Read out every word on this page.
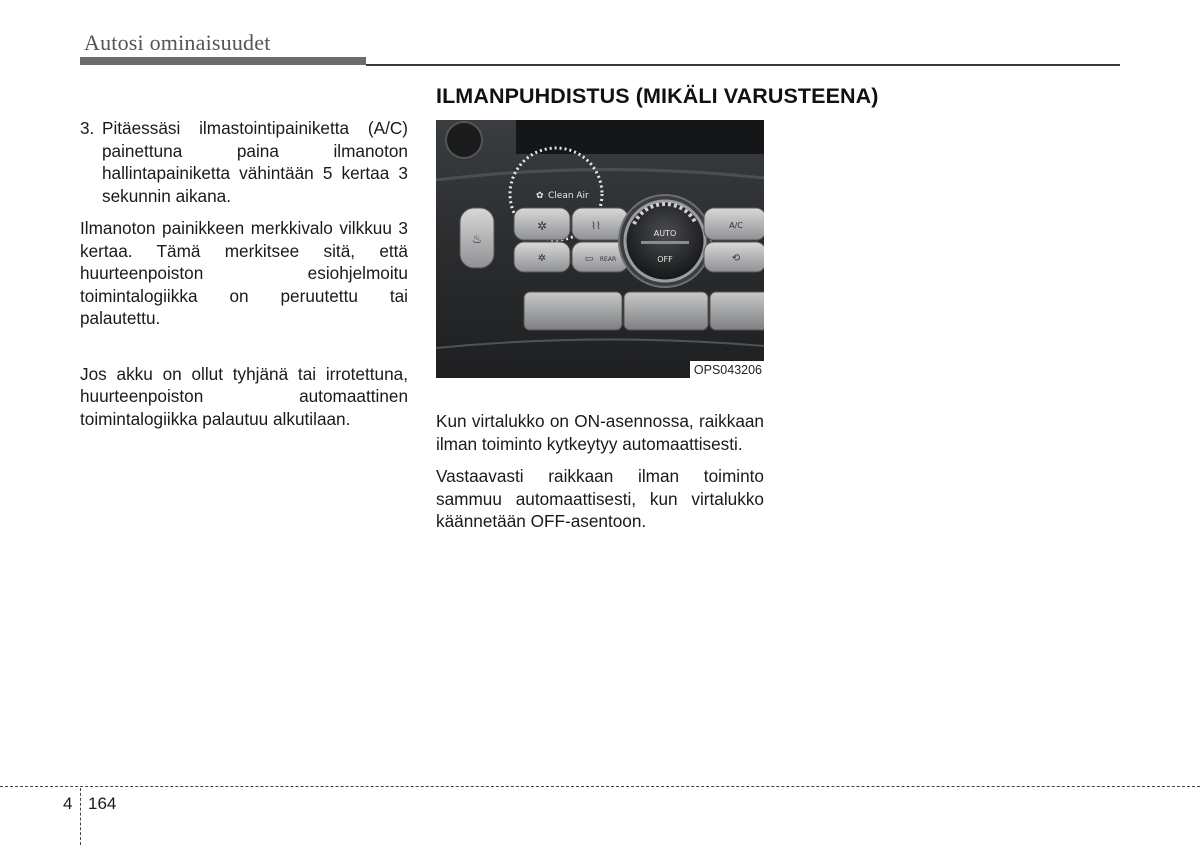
Autosi ominaisuudet
3. Pitäessäsi ilmastointipainiketta (A/C) painettuna paina ilmanoton hallintapainiketta vähintään 5 kertaa 3 sekunnin aikana.

Ilmanoton painikkeen merkkivalo vilkkuu 3 kertaa. Tämä merkitsee sitä, että huurteenpoiston esiohjelmoitu toimintalogiikka on peruutettu tai palautettu.

Jos akku on ollut tyhjänä tai irrotettuna, huurteenpoiston automaattinen toimintalogiikka palautuu alkutilaan.

ILMANPUHDISTUS (MIKÄLI VARUSTEENA)
♨
Clean Air
✿
✲	⌇⌇
✲	▭ REAR
AUTO
OFF
A/C
⟲
OPS043206

Kun virtalukko on ON-asennossa, raikkaan ilman toiminto kytkeytyy automaattisesti.

Vastaavasti raikkaan ilman toiminto sammuu automaattisesti, kun virtalukko käännetään OFF-asentoon.

4 164
